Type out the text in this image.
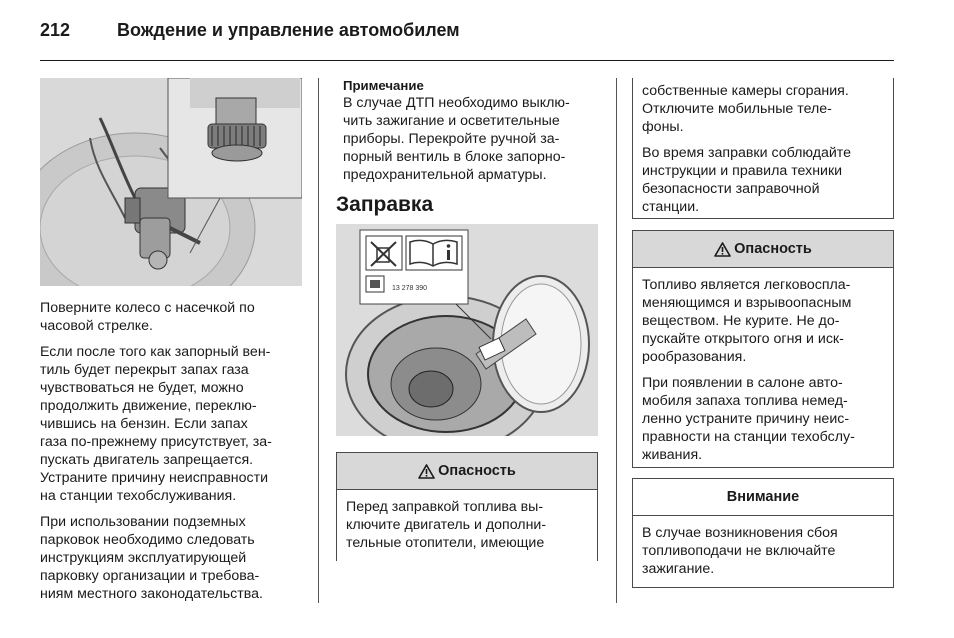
212	Вождение и управление автомобилем

Поверните колесо с насечкой по
часовой стрелке.

Если после того как запорный вен-
тиль будет перекрыт запах газа
чувствоваться не будет, можно
продолжить движение, переклю-
чившись на бензин. Если запах
газа по-прежнему присутствует, за-
пускать двигатель запрещается.
Устраните причину неисправности
на станции техобслуживания.

При использовании подземных
парковок необходимо следовать
инструкциям эксплуатирующей
парковку организации и требова-
ниям местного законодательства.

Примечание

В случае ДТП необходимо выклю-
чить зажигание и осветительные
приборы. Перекройте ручной за-
порный вентиль в блоке запорно-
предохранительной арматуры.

Заправка
13 278 390
Опасность

Перед заправкой топлива вы-
ключите двигатель и дополни-
тельные отопители, имеющие

собственные камеры сгорания.
Отключите мобильные теле-
фоны.

Во время заправки соблюдайте
инструкции и правила техники
безопасности заправочной
станции.

Опасность

Топливо является легковоспла-
меняющимся и взрывоопасным
веществом. Не курите. Не до-
пускайте открытого огня и иск-
рообразования.

При появлении в салоне авто-
мобиля запаха топлива немед-
ленно устраните причину неис-
правности на станции техобслу-
живания.

Внимание

В случае возникновения сбоя
топливоподачи не включайте
зажигание.
